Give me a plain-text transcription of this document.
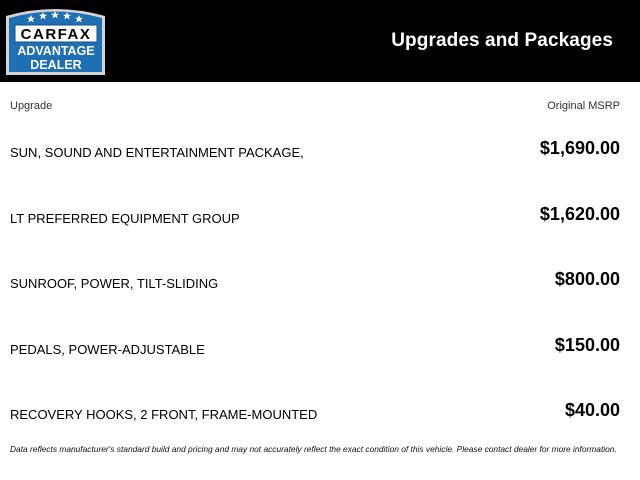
CARFAX
ADVANTAGE
DEALER
Upgrades and Packages
Upgrade	Original MSRP
SUN, SOUND AND ENTERTAINMENT PACKAGE,	$1,690.00
LT PREFERRED EQUIPMENT GROUP	$1,620.00
SUNROOF, POWER, TILT-SLIDING	$800.00
PEDALS, POWER-ADJUSTABLE	$150.00
RECOVERY HOOKS, 2 FRONT, FRAME-MOUNTED	$40.00
Data reflects manufacturer's standard build and pricing and may not accurately reflect the exact condition of this vehicle. Please contact dealer for more information.
